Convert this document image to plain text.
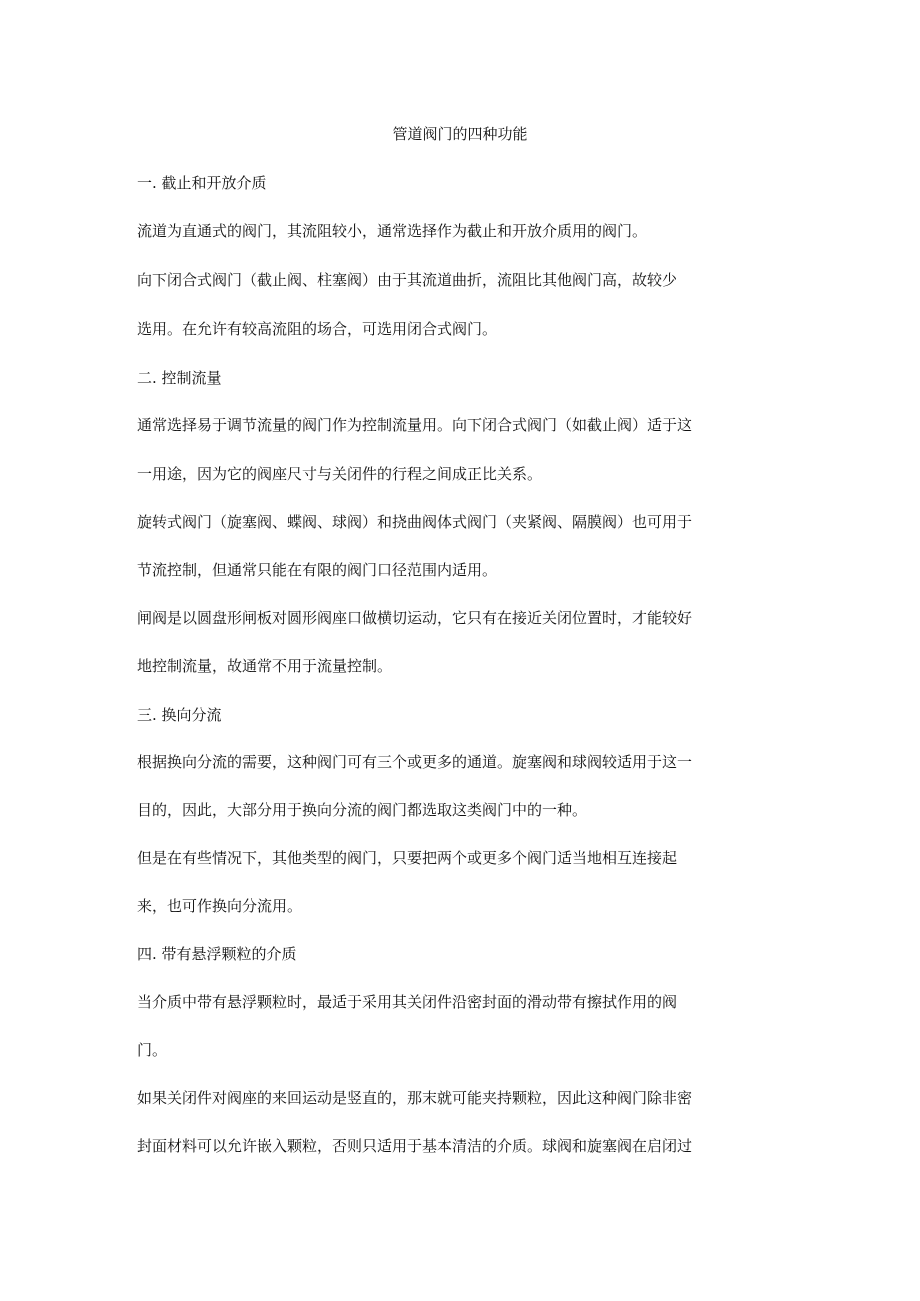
管道阀门的四种功能
一. 截止和开放介质
流道为直通式的阀门，其流阻较小，通常选择作为截止和开放介质用的阀门。
向下闭合式阀门（截止阀、柱塞阀）由于其流道曲折，流阻比其他阀门高，故较少
选用。在允许有较高流阻的场合，可选用闭合式阀门。
二. 控制流量
通常选择易于调节流量的阀门作为控制流量用。向下闭合式阀门（如截止阀）适于这
一用途，因为它的阀座尺寸与关闭件的行程之间成正比关系。
旋转式阀门（旋塞阀、蝶阀、球阀）和挠曲阀体式阀门（夹紧阀、隔膜阀）也可用于
节流控制，但通常只能在有限的阀门口径范围内适用。
闸阀是以圆盘形闸板对圆形阀座口做横切运动，它只有在接近关闭位置时，才能较好
地控制流量，故通常不用于流量控制。
三. 换向分流
根据换向分流的需要，这种阀门可有三个或更多的通道。旋塞阀和球阀较适用于这一
目的，因此，大部分用于换向分流的阀门都选取这类阀门中的一种。
但是在有些情况下，其他类型的阀门，只要把两个或更多个阀门适当地相互连接起
来，也可作换向分流用。
四. 带有悬浮颗粒的介质
当介质中带有悬浮颗粒时，最适于采用其关闭件沿密封面的滑动带有擦拭作用的阀
门。
如果关闭件对阀座的来回运动是竖直的，那末就可能夹持颗粒，因此这种阀门除非密
封面材料可以允许嵌入颗粒，否则只适用于基本清洁的介质。球阀和旋塞阀在启闭过
